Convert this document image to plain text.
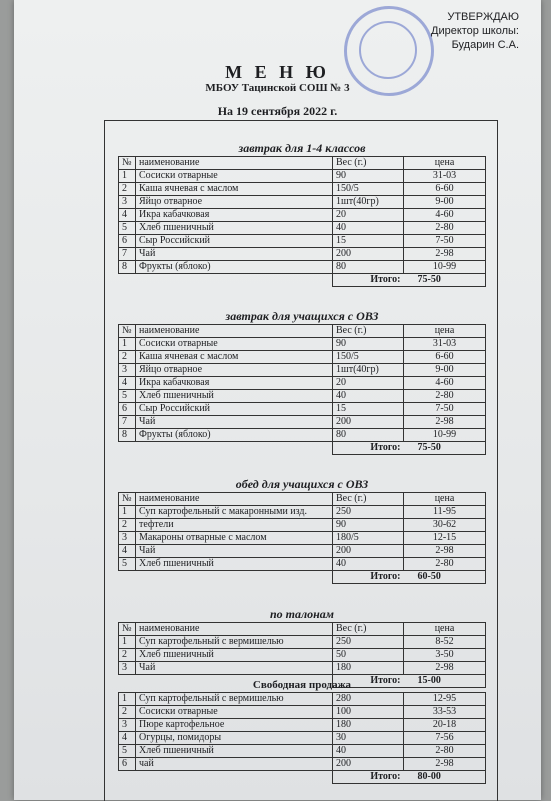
УТВЕРЖДАЮ
Директор школы:
Бударин С.А.
М Е Н Ю
МБОУ Тацинской СОШ № 3
На 19 сентября 2022 г.
завтрак для 1-4 классов
№	наименование	Вес (г.)	цена
1	Сосиски отварные	90	31-03
2	Каша ячневая с маслом	150/5	6-60
3	Яйцо отварное	1шт(40гр)	9-00
4	Икра кабачковая	20	4-60
5	Хлеб пшеничный	40	2-80
6	Сыр Российский	15	7-50
7	Чай	200	2-98
8	Фрукты (яблоко)	80	10-99
		Итого:	75-50
завтрак для учащихся с ОВЗ
№	наименование	Вес (г.)	цена
1	Сосиски отварные	90	31-03
2	Каша ячневая с маслом	150/5	6-60
3	Яйцо отварное	1шт(40гр)	9-00
4	Икра кабачковая	20	4-60
5	Хлеб пшеничный	40	2-80
6	Сыр Российский	15	7-50
7	Чай	200	2-98
8	Фрукты (яблоко)	80	10-99
		Итого:	75-50
обед для учащихся с ОВЗ
№	наименование	Вес (г.)	цена
1	Суп картофельный с макаронными изд.	250	11-95
2	тефтели	90	30-62
3	Макароны отварные с маслом	180/5	12-15
4	Чай	200	2-98
5	Хлеб пшеничный	40	2-80
		Итого:	60-50
по талонам
№	наименование	Вес (г.)	цена
1	Суп картофельный с вермишелью	250	8-52
2	Хлеб пшеничный	50	3-50
3	Чай	180	2-98
		Итого:	15-00
Свободная продажа
1	Суп картофельный с вермишелью	280	12-95
2	Сосиски отварные	100	33-53
3	Пюре картофельное	180	20-18
4	Огурцы, помидоры	30	7-56
5	Хлеб пшеничный	40	2-80
6	чай	200	2-98
		Итого:	80-00
